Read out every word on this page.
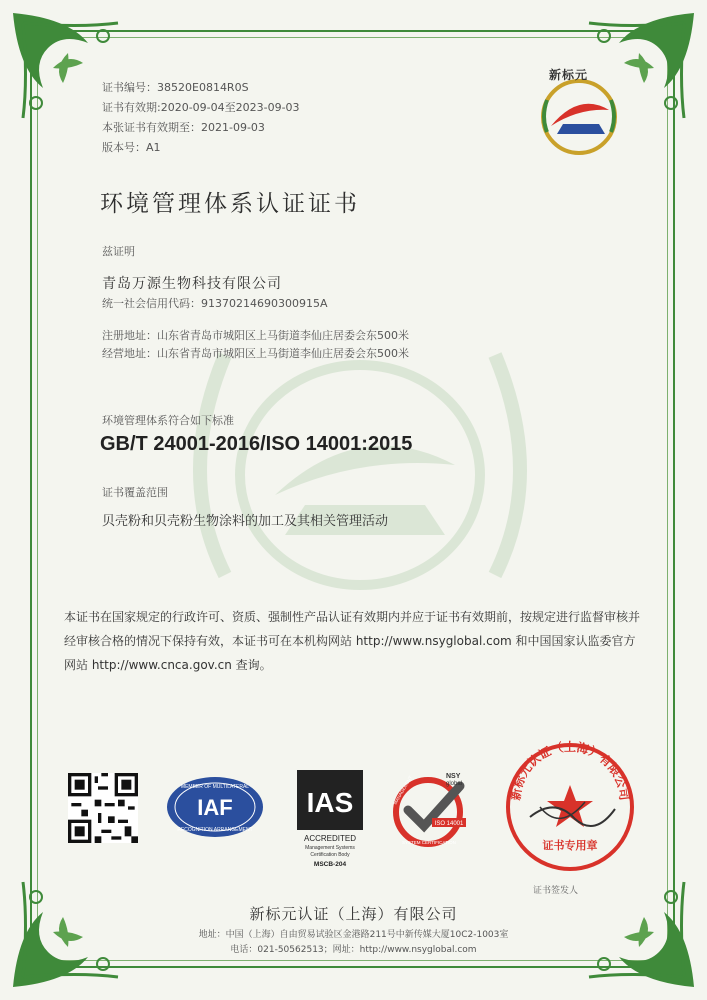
证书编号：38520E0814R0S
证书有效期:2020-09-04至2023-09-03
本张证书有效期至：2021-09-03
版本号：A1
新标元
环境管理体系认证证书
兹证明
青岛万源生物科技有限公司
统一社会信用代码：91370214690300915A
注册地址：山东省青岛市城阳区上马街道李仙庄居委会东500米
经营地址：山东省青岛市城阳区上马街道李仙庄居委会东500米
环境管理体系符合如下标准
GB/T 24001-2016/ISO 14001:2015
证书覆盖范围
贝壳粉和贝壳粉生物涂料的加工及其相关管理活动
本证书在国家规定的行政许可、资质、强制性产品认证有效期内并应于证书有效期前，按规定进行监督审核并经审核合格的情况下保持有效，本证书可在本机构网站 http://www.nsyglobal.com 和中国国家认监委官方网站 http://www.cnca.gov.cn 查询。
MEMBER OF MULTILATERAL
IAF
RECOGNITION ARRANGEMENT
IAS
ACCREDITED
Management Systems
Certification Body
MSCB-204
NSY
global
ISO 14001
MANAGEMENT
SYSTEM CERTIFICATION
新标元认证（上海）有限公司
证书专用章
证书签发人
新标元认证（上海）有限公司
地址：中国（上海）自由贸易试验区金港路211号中新传媒大厦10C2-1003室
电话：021-50562513；网址：http://www.nsyglobal.com
